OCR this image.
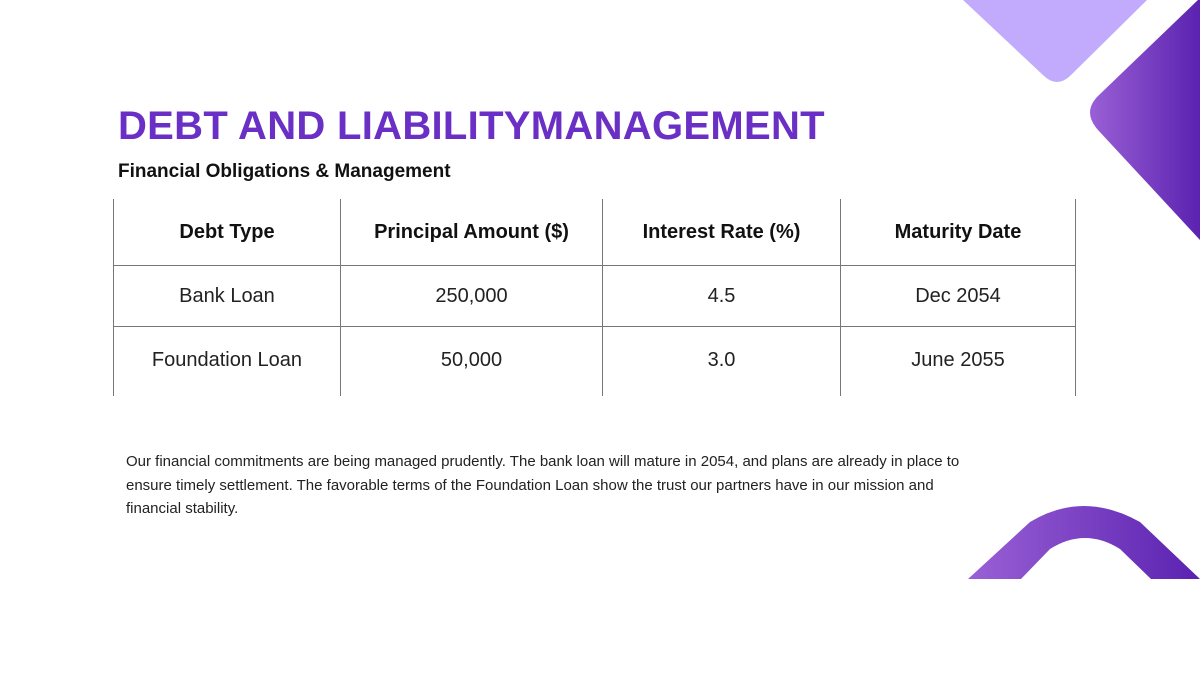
DEBT AND LIABILITYMANAGEMENT
Financial Obligations & Management
Debt Type	Principal Amount ($)	Interest Rate (%)	Maturity Date
Bank Loan	250,000	4.5	Dec 2054
Foundation Loan	50,000	3.0	June 2055
Our financial commitments are being managed prudently. The bank loan will mature in 2054, and plans are already in place to ensure timely settlement. The favorable terms of the Foundation Loan show the trust our partners have in our mission and financial stability.
